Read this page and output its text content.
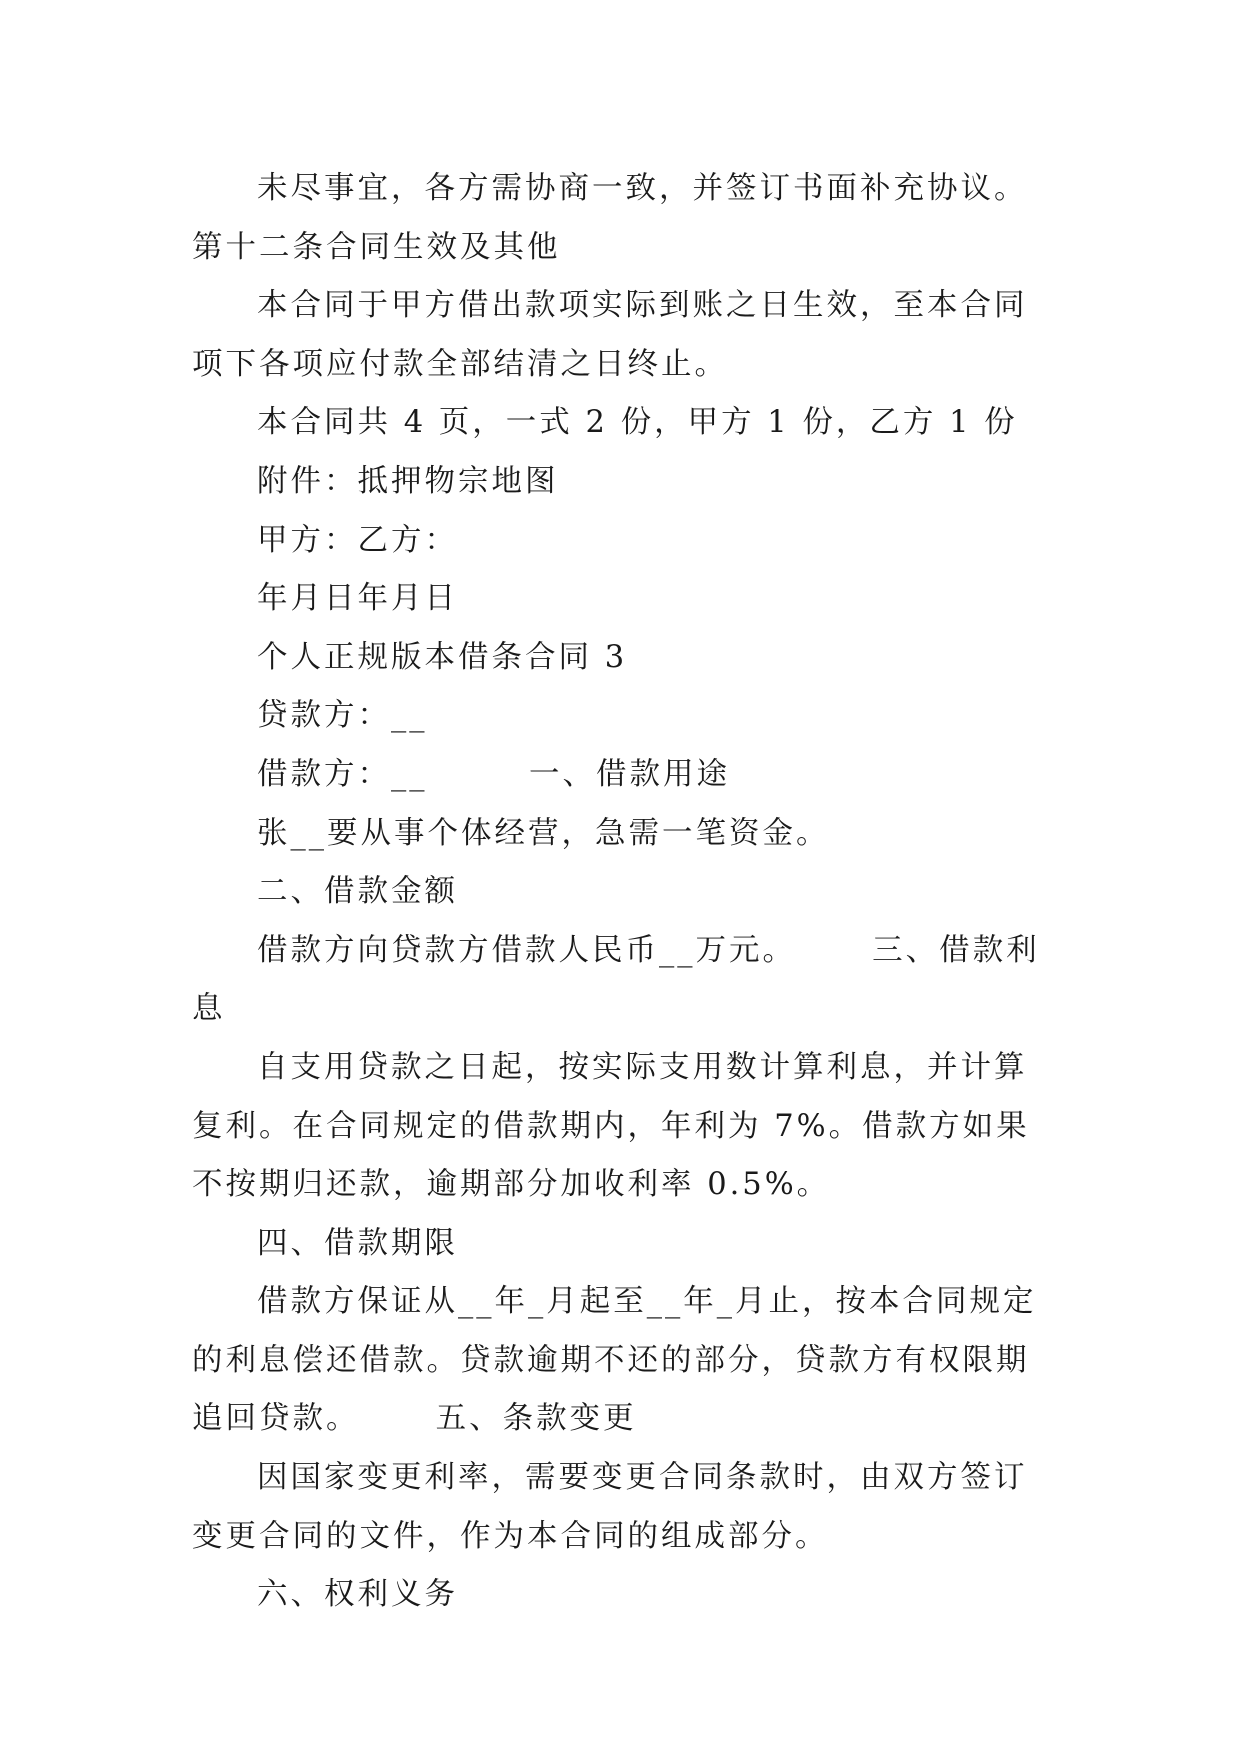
未尽事宜，各方需协商一致，并签订书面补充协议。第十二条合同生效及其他

本合同于甲方借出款项实际到账之日生效，至本合同项下各项应付款全部结清之日终止。

本合同共 4 页，一式 2 份，甲方 1 份，乙方 1 份

附件：抵押物宗地图

甲方：乙方：

年月日年月日

个人正规版本借条合同 3

贷款方：__

借款方：__        一、借款用途

张__要从事个体经营，急需一笔资金。

二、借款金额

借款方向贷款方借款人民币__万元。      三、借款利息

自支用贷款之日起，按实际支用数计算利息，并计算复利。在合同规定的借款期内，年利为 7%。借款方如果不按期归还款，逾期部分加收利率 0.5%。

四、借款期限

借款方保证从__年_月起至__年_月止，按本合同规定的利息偿还借款。贷款逾期不还的部分，贷款方有权限期追回贷款。      五、条款变更

因国家变更利率，需要变更合同条款时，由双方签订变更合同的文件，作为本合同的组成部分。

六、权利义务
